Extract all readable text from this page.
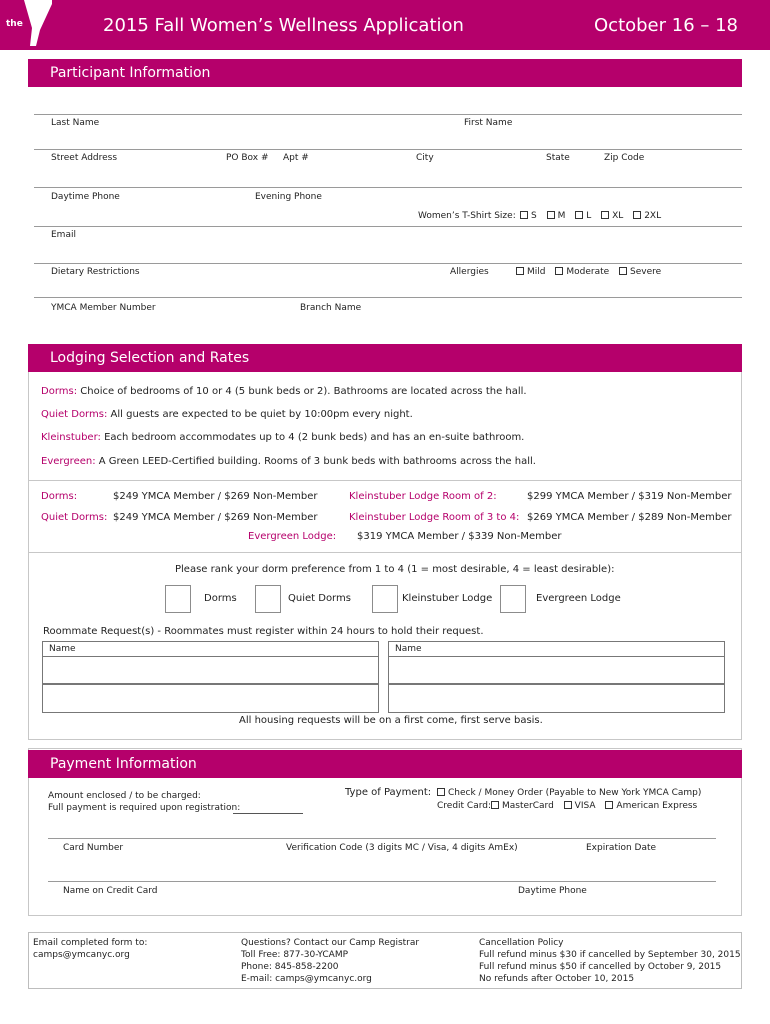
the	2015 Fall Women’s Wellness Application	October 16 – 18
Participant Information
Last Name	First Name
Street Address	PO Box # Apt #	City	State	Zip Code
Daytime Phone	Evening Phone
Women’s T-Shirt Size:	S M L XL 2XL
Email
Dietary Restrictions	Allergies	Mild Moderate Severe
YMCA Member Number	Branch Name
Lodging Selection and Rates
Dorms: Choice of bedrooms of 10 or 4 (5 bunk beds or 2). Bathrooms are located across the hall.
Quiet Dorms: All guests are expected to be quiet by 10:00pm every night.
Kleinstuber: Each bedroom accommodates up to 4 (2 bunk beds) and has an en-suite bathroom.
Evergreen: A Green LEED-Certified building. Rooms of 3 bunk beds with bathrooms across the hall.
Dorms:	$249 YMCA Member / $269 Non-Member	Kleinstuber Lodge Room of 2:	$299 YMCA Member / $319 Non-Member
Quiet Dorms: $249 YMCA Member / $269 Non-Member	Kleinstuber Lodge Room of 3 to 4: $269 YMCA Member / $289 Non-Member
Evergreen Lodge: $319 YMCA Member / $339 Non-Member
Please rank your dorm preference from 1 to 4 (1 = most desirable, 4 = least desirable):
Dorms	Quiet Dorms	Kleinstuber Lodge	Evergreen Lodge
Roommate Request(s) - Roommates must register within 24 hours to hold their request.
Name	Name
All housing requests will be on a first come, first serve basis.
Payment Information
Amount enclosed / to be charged:
Full payment is required upon registration:
Type of Payment:	Check / Money Order (Payable to New York YMCA Camp)
Credit Card:	MasterCard VISA American Express
Card Number	Verification Code (3 digits MC / Visa, 4 digits AmEx)	Expiration Date
Name on Credit Card	Daytime Phone
Email completed form to:
camps@ymcanyc.org
Questions? Contact our Camp Registrar
Toll Free: 877-30-YCAMP
Phone: 845-858-2200
E-mail: camps@ymcanyc.org
Cancellation Policy
Full refund minus $30 if cancelled by September 30, 2015
Full refund minus $50 if cancelled by October 9, 2015
No refunds after October 10, 2015
